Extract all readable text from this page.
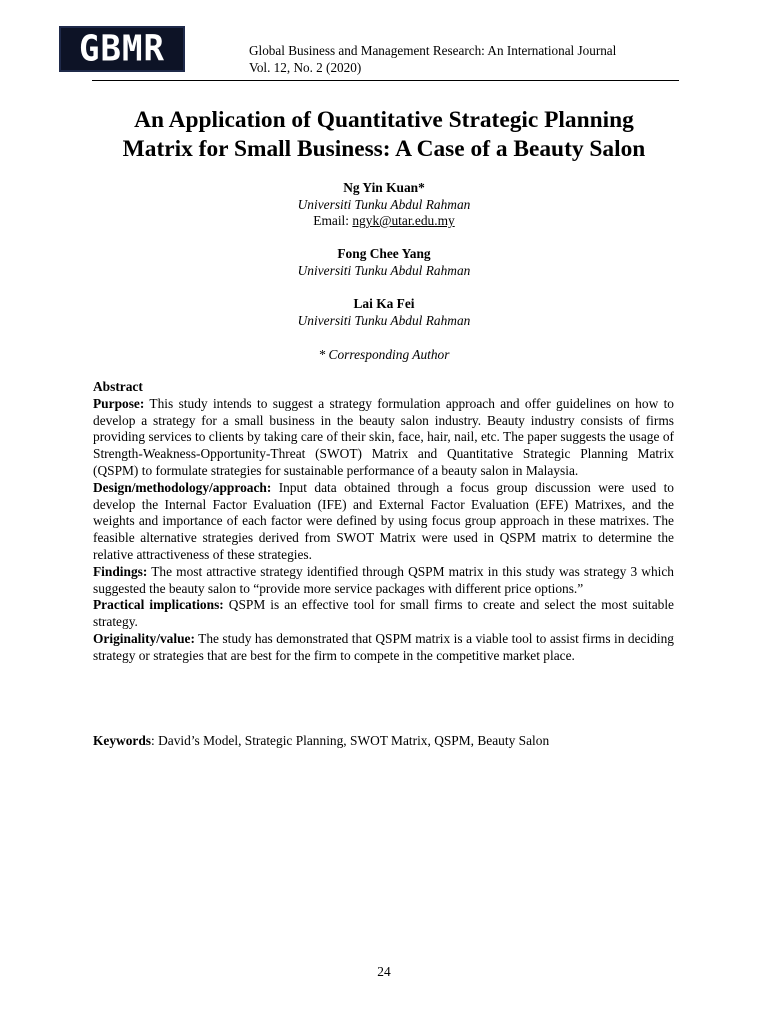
GBMR	Global Business and Management Research: An International Journal
Vol. 12, No. 2 (2020)
An Application of Quantitative Strategic Planning
Matrix for Small Business: A Case of a Beauty Salon
Ng Yin Kuan*
Universiti Tunku Abdul Rahman
Email: ngyk@utar.edu.my
Fong Chee Yang
Universiti Tunku Abdul Rahman
Lai Ka Fei
Universiti Tunku Abdul Rahman
* Corresponding Author

Abstract

Purpose: This study intends to suggest a strategy formulation approach and offer guidelines on how to develop a strategy for a small business in the beauty salon industry. Beauty industry consists of firms providing services to clients by taking care of their skin, face, hair, nail, etc. The paper suggests the usage of Strength-Weakness-Opportunity-Threat (SWOT) Matrix and Quantitative Strategic Planning Matrix (QSPM) to formulate strategies for sustainable performance of a beauty salon in Malaysia.

Design/methodology/approach: Input data obtained through a focus group discussion were used to develop the Internal Factor Evaluation (IFE) and External Factor Evaluation (EFE) Matrixes, and the weights and importance of each factor were defined by using focus group approach in these matrixes. The feasible alternative strategies derived from SWOT Matrix were used in QSPM matrix to determine the relative attractiveness of these strategies.

Findings: The most attractive strategy identified through QSPM matrix in this study was strategy 3 which suggested the beauty salon to “provide more service packages with different price options.”

Practical implications: QSPM is an effective tool for small firms to create and select the most suitable strategy.

Originality/value: The study has demonstrated that QSPM matrix is a viable tool to assist firms in deciding strategy or strategies that are best for the firm to compete in the competitive market place.

Keywords: David’s Model, Strategic Planning, SWOT Matrix, QSPM, Beauty Salon
24
